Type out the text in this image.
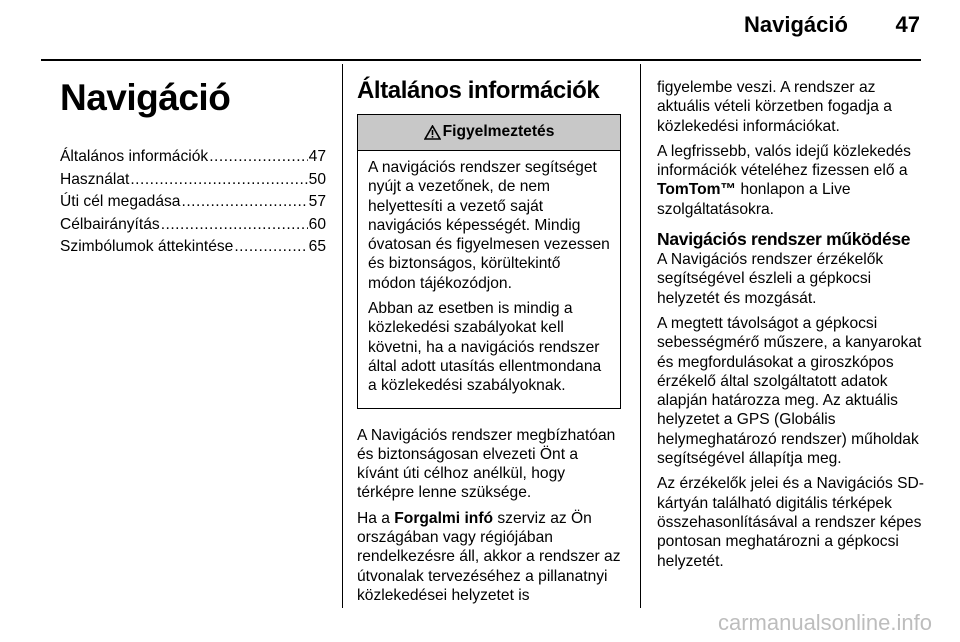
Navigáció	47
Navigáció
Általános információk .....	47
Használat .....	50
Úti cél megadása .....	57
Célbairányítás .....	60
Szimbólumok áttekintése .....	65
Általános információk
Figyelmeztetés

A navigációs rendszer segítséget nyújt a vezetőnek, de nem helyettesíti a vezető saját navigációs képességét. Mindig óvatosan és figyelmesen vezessen és biztonságos, körültekintő módon tájékozódjon.

Abban az esetben is mindig a közlekedési szabályokat kell követni, ha a navigációs rendszer által adott utasítás ellentmondana a közlekedési szabályoknak.

A Navigációs rendszer megbízhatóan és biztonságosan elvezeti Önt a kívánt úti célhoz anélkül, hogy térképre lenne szüksége.

Ha a Forgalmi infó szerviz az Ön országában vagy régiójában rendelkezésre áll, akkor a rendszer az útvonalak tervezéséhez a pillanatnyi közlekedései helyzetet is

figyelembe veszi. A rendszer az aktuális vételi körzetben fogadja a közlekedési információkat.

A legfrissebb, valós idejű közlekedés információk vételéhez fizessen elő a TomTom™ honlapon a Live szolgáltatásokra.

Navigációs rendszer működése

A Navigációs rendszer érzékelők segítségével észleli a gépkocsi helyzetét és mozgását.

A megtett távolságot a gépkocsi sebességmérő műszere, a kanyarokat és megfordulásokat a giroszkópos érzékelő által szolgáltatott adatok alapján határozza meg. Az aktuális helyzetet a GPS (Globális helymeghatározó rendszer) műholdak segítségével állapítja meg.

Az érzékelők jelei és a Navigációs SD-kártyán található digitális térképek összehasonlításával a rendszer képes pontosan meghatározni a gépkocsi helyzetét.

carmanualsonline.info
